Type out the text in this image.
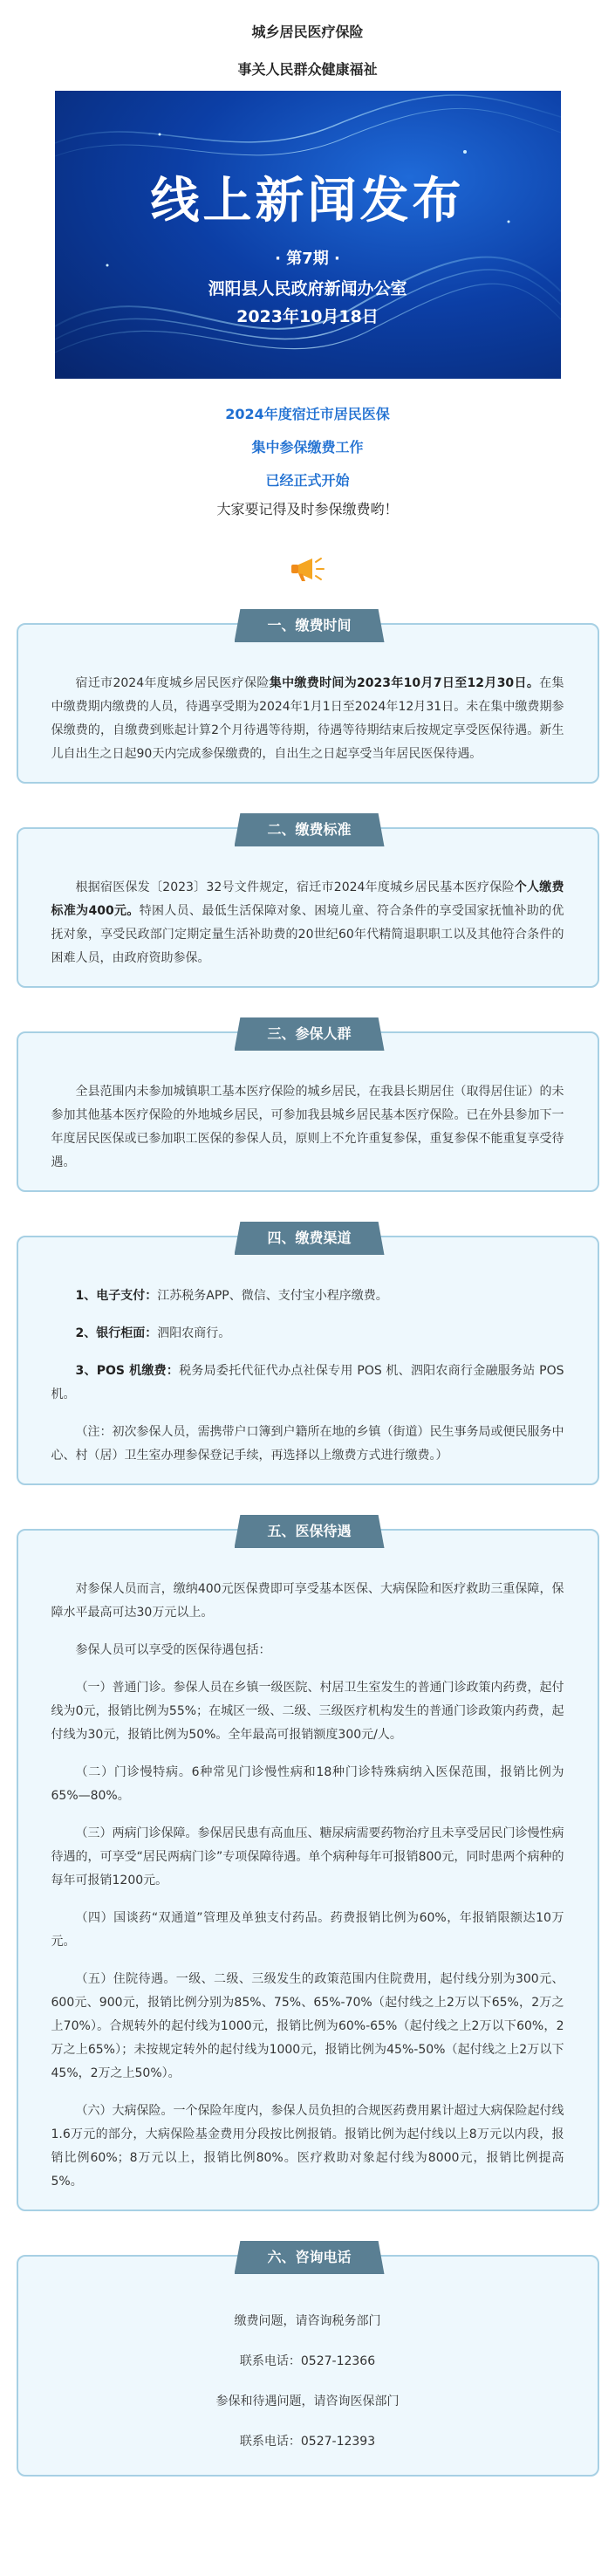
城乡居民医疗保险
事关人民群众健康福祉
线上新闻发布
· 第7期 ·
泗阳县人民政府新闻办公室
2023年10月18日
2024年度宿迁市居民医保
集中参保缴费工作
已经正式开始
大家要记得及时参保缴费哟！
一、缴费时间

宿迁市2024年度城乡居民医疗保险集中缴费时间为2023年10月7日至12月30日。在集中缴费期内缴费的人员，待遇享受期为2024年1月1日至2024年12月31日。未在集中缴费期参保缴费的，自缴费到账起计算2个月待遇等待期，待遇等待期结束后按规定享受医保待遇。新生儿自出生之日起90天内完成参保缴费的，自出生之日起享受当年居民医保待遇。

二、缴费标准

根据宿医保发〔2023〕32号文件规定，宿迁市2024年度城乡居民基本医疗保险个人缴费标准为400元。特困人员、最低生活保障对象、困境儿童、符合条件的享受国家抚恤补助的优抚对象，享受民政部门定期定量生活补助费的20世纪60年代精简退职职工以及其他符合条件的困难人员，由政府资助参保。

三、参保人群

全县范围内未参加城镇职工基本医疗保险的城乡居民，在我县长期居住（取得居住证）的未参加其他基本医疗保险的外地城乡居民，可参加我县城乡居民基本医疗保险。已在外县参加下一年度居民医保或已参加职工医保的参保人员，原则上不允许重复参保，重复参保不能重复享受待遇。

四、缴费渠道

1、电子支付：江苏税务APP、微信、支付宝小程序缴费。

2、银行柜面：泗阳农商行。

3、POS 机缴费：税务局委托代征代办点社保专用 POS 机、泗阳农商行金融服务站 POS 机。

（注：初次参保人员，需携带户口簿到户籍所在地的乡镇（街道）民生事务局或便民服务中心、村（居）卫生室办理参保登记手续，再选择以上缴费方式进行缴费。）

五、医保待遇

对参保人员而言，缴纳400元医保费即可享受基本医保、大病保险和医疗救助三重保障，保障水平最高可达30万元以上。

参保人员可以享受的医保待遇包括：

（一）普通门诊。参保人员在乡镇一级医院、村居卫生室发生的普通门诊政策内药费，起付线为0元，报销比例为55%；在城区一级、二级、三级医疗机构发生的普通门诊政策内药费，起付线为30元，报销比例为50%。全年最高可报销额度300元/人。

（二）门诊慢特病。6种常见门诊慢性病和18种门诊特殊病纳入医保范围，报销比例为65%—80%。

（三）两病门诊保障。参保居民患有高血压、糖尿病需要药物治疗且未享受居民门诊慢性病待遇的，可享受“居民两病门诊”专项保障待遇。单个病种每年可报销800元，同时患两个病种的每年可报销1200元。

（四）国谈药“双通道”管理及单独支付药品。药费报销比例为60%，年报销限额达10万元。

（五）住院待遇。一级、二级、三级发生的政策范围内住院费用，起付线分别为300元、600元、900元，报销比例分别为85%、75%、65%-70%（起付线之上2万以下65%，2万之上70%）。合规转外的起付线为1000元，报销比例为60%-65%（起付线之上2万以下60%，2万之上65%）；未按规定转外的起付线为1000元，报销比例为45%-50%（起付线之上2万以下45%，2万之上50%）。

（六）大病保险。一个保险年度内，参保人员负担的合规医药费用累计超过大病保险起付线1.6万元的部分，大病保险基金费用分段按比例报销。报销比例为起付线以上8万元以内段，报销比例60%；8万元以上，报销比例80%。医疗救助对象起付线为8000元，报销比例提高5%。

六、咨询电话

缴费问题，请咨询税务部门

联系电话：0527-12366

参保和待遇问题，请咨询医保部门

联系电话：0527-12393
